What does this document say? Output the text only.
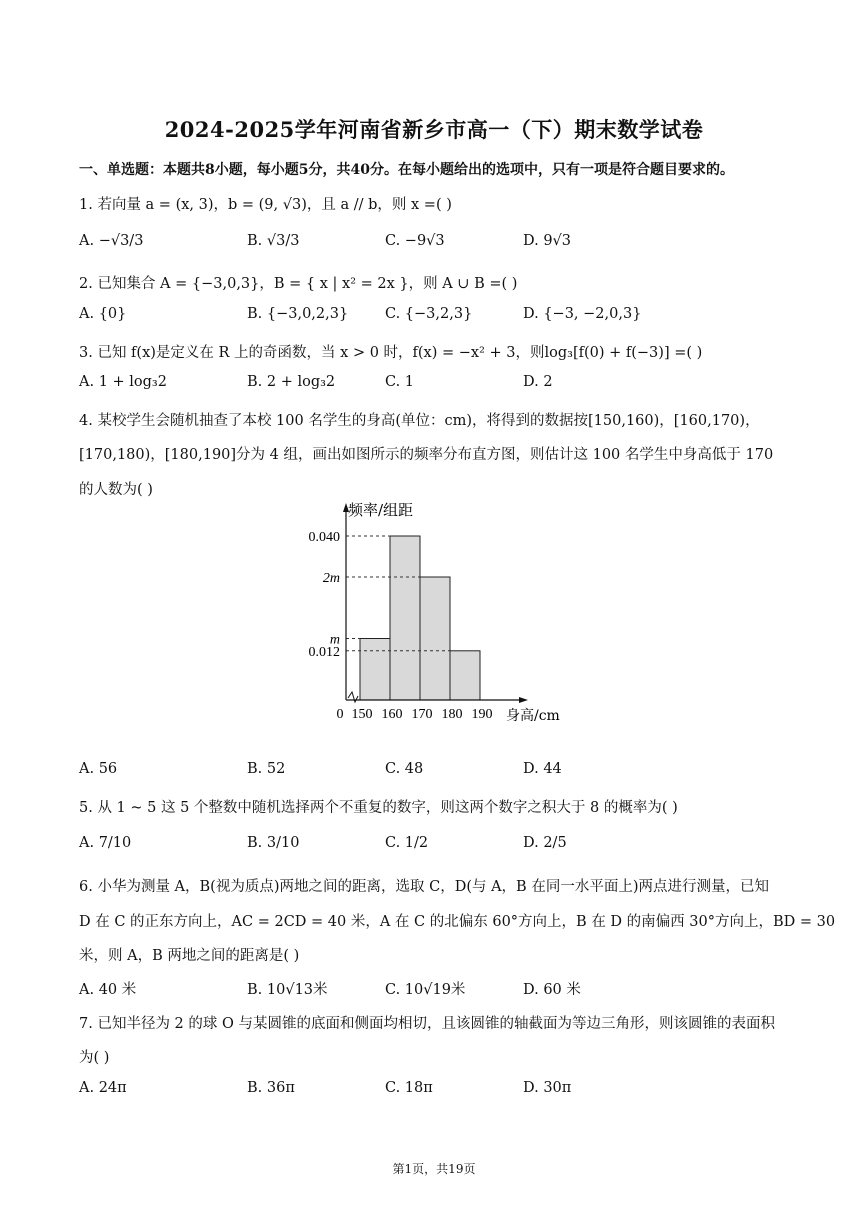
2024-2025学年河南省新乡市高一（下）期末数学试卷
一、单选题：本题共8小题，每小题5分，共40分。在每小题给出的选项中，只有一项是符合题目要求的。
1. 若向量 a = (x, 3)，b = (9, √3)，且 a // b，则 x =( )
A. −√3/3	B. √3/3	C. −9√3	D. 9√3
2. 已知集合 A = {−3,0,3}，B = { x | x² = 2x }，则 A ∪ B =( )
A. {0}	B. {−3,0,2,3}	C. {−3,2,3}	D. {−3, −2,0,3}
3. 已知 f(x)是定义在 R 上的奇函数，当 x > 0 时，f(x) = −x² + 3，则log₃[f(0) + f(−3)] =( )
A. 1 + log₃2	B. 2 + log₃2	C. 1	D. 2
4. 某校学生会随机抽查了本校 100 名学生的身高(单位：cm)，将得到的数据按[150,160)，[160,170)，
[170,180)，[180,190]分为 4 组，画出如图所示的频率分布直方图，则估计这 100 名学生中身高低于 170
的人数为( )
0.040
2m
m
0.012
0 150 160 170 180 190
频率/组距
身高/cm
A. 56	B. 52	C. 48	D. 44
5. 从 1 ~ 5 这 5 个整数中随机选择两个不重复的数字，则这两个数字之积大于 8 的概率为( )
A. 7/10	B. 3/10	C. 1/2	D. 2/5
6. 小华为测量 A，B(视为质点)两地之间的距离，选取 C，D(与 A，B 在同一水平面上)两点进行测量，已知
D 在 C 的正东方向上，AC = 2CD = 40 米，A 在 C 的北偏东 60°方向上，B 在 D 的南偏西 30°方向上，BD = 30
米，则 A，B 两地之间的距离是( )
A. 40 米	B. 10√13米	C. 10√19米	D. 60 米
7. 已知半径为 2 的球 O 与某圆锥的底面和侧面均相切，且该圆锥的轴截面为等边三角形，则该圆锥的表面积
为( )
A. 24π	B. 36π	C. 18π	D. 30π
第1页，共19页
